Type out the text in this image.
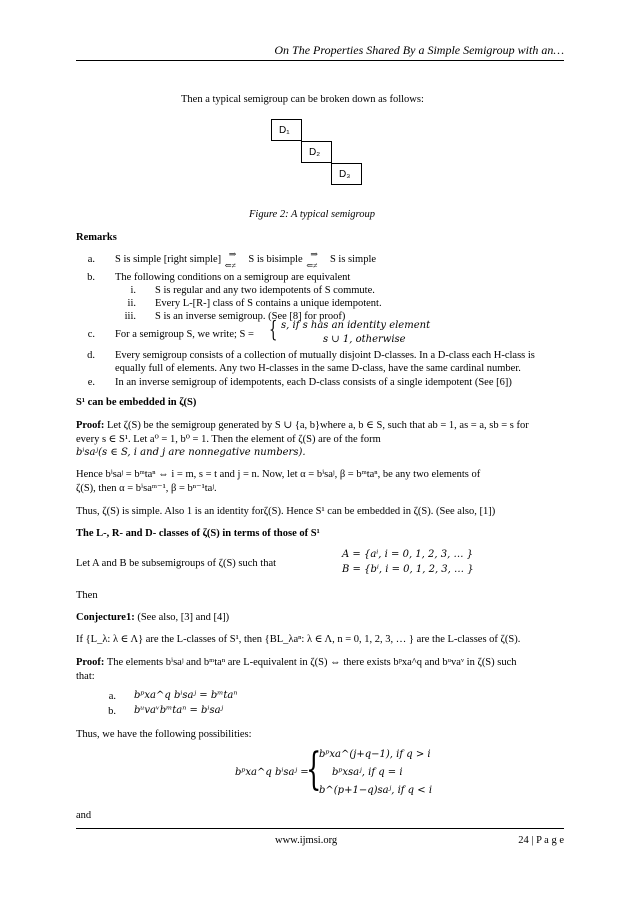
On The Properties Shared By a Simple Semigroup with an…
Then a typical semigroup can be broken down as follows:
D₁
D₂
D₃
Figure 2: A typical semigroup
Remarks
a. S is simple [right simple]
⇒
⇐≠
S is bisimple
⇒
⇐≠
S is simple
b. The following conditions on a semigroup are equivalent
i. S is regular and any two idempotents of S commute.
ii. Every L-[R-] class of S contains a unique idempotent.
iii. S is an inverse semigroup. (See [8] for proof)
c. For a semigroup S, we write; S = { s, if s has an identity element
s ∪ 1, otherwise
d. Every semigroup consists of a collection of mutually disjoint D-classes. In a D-class each H-class is
equally full of elements. Any two H-classes in the same D-class, have the same cardinal number.
e. In an inverse semigroup of idempotents, each D-class consists of a single idempotent (See [6])
S¹ can be embedded in ζ(S)
Proof: Let ζ(S) be the semigroup generated by S ∪ {a, b}where a, b ∈ S, such that ab = 1, as = a, sb = s for
every s ∈ S¹. Let a⁰ = 1, b⁰ = 1. Then the element of ζ(S) are of the form
bⁱsaʲ(s ∈ S, i and j are nonnegative numbers).
Hence bⁱsaʲ = bᵐtaⁿ ⇔ i = m, s = t and j = n. Now, let α = bⁱsaʲ, β = bᵐtaⁿ, be any two elements of
ζ(S), then α = bⁱsaᵐ⁻¹, β = bⁿ⁻¹taʲ.
Thus, ζ(S) is simple. Also 1 is an identity forζ(S). Hence S¹ can be embedded in ζ(S). (See also, [1])
The L-, R- and D- classes of ζ(S) in terms of those of S¹
Let A and B be subsemigroups of ζ(S) such that
A = {aⁱ, i = 0, 1, 2, 3, … }
B = {bⁱ, i = 0, 1, 2, 3, … }
Then
Conjecture1: (See also, [3] and [4])
If {L_λ: λ ∈ Λ} are the L-classes of S¹, then {BL_λaⁿ: λ ∈ Λ, n = 0, 1, 2, 3, … } are the L-classes of ζ(S).
Proof: The elements bⁱsaʲ and bᵐtaⁿ are L-equivalent in ζ(S) ⇔ there exists bᵖxa^q and bᵘvaᵛ in ζ(S) such
that:
a. bᵖxa^q bⁱsaʲ = bᵐtaⁿ
b. bᵘvaᵛbᵐtaⁿ = bⁱsaʲ
Thus, we have the following possibilities:
bᵖxa^q bⁱsaʲ =
{
bᵖxa^(j+q−1), if q > i
bᵖxsaʲ, if q = i
b^(p+1−q)saʲ, if q < i
and
www.ijmsi.org	24 | P a g e
